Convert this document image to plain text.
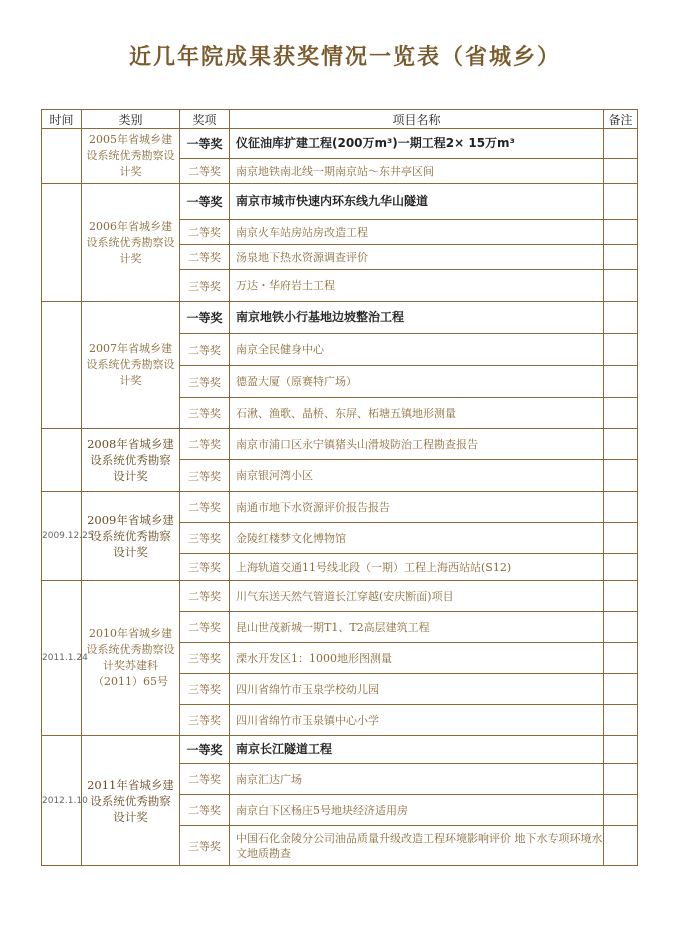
近几年院成果获奖情况一览表（省城乡）
时间	类别	奖项	项目名称	备注
	2005年省城乡建设系统优秀勘察设计奖	一等奖	仪征油库扩建工程(200万m³)一期工程2× 15万m³	
		二等奖	南京地铁南北线一期南京站～东井亭区间	
	2006年省城乡建设系统优秀勘察设计奖	一等奖	南京市城市快速内环东线九华山隧道	
		二等奖	南京火车站房站房改造工程	
		二等奖	汤泉地下热水资源调查评价	
		三等奖	万达・华府岩土工程	
	2007年省城乡建设系统优秀勘察设计奖	一等奖	南京地铁小行基地边坡整治工程	
		二等奖	南京全民健身中心	
		三等奖	德盈大厦（原赛特广场）	
		三等奖	石湫、渔歌、晶桥、东屏、柘塘五镇地形测量	
	2008年省城乡建设系统优秀勘察设计奖	二等奖	南京市浦口区永宁镇猪头山滑坡防治工程勘查报告	
		三等奖	南京银河湾小区	
2009.12.25	2009年省城乡建设系统优秀勘察设计奖	二等奖	南通市地下水资源评价报告报告	
		三等奖	金陵红楼梦文化博物馆	
		三等奖	上海轨道交通11号线北段（一期）工程上海西站站(S12)	
2011.1.24	2010年省城乡建设系统优秀勘察设计奖苏建科（2011）65号	二等奖	川气东送天然气管道长江穿越(安庆断面)项目	
		二等奖	昆山世茂新城一期T1、T2高层建筑工程	
		三等奖	溧水开发区1：1000地形图测量	
		三等奖	四川省绵竹市玉泉学校幼儿园	
		三等奖	四川省绵竹市玉泉镇中心小学	
2012.1.10	2011年省城乡建设系统优秀勘察设计奖	一等奖	南京长江隧道工程	
		二等奖	南京汇达广场	
		二等奖	南京白下区杨庄5号地块经济适用房	
		三等奖	中国石化金陵分公司油品质量升级改造工程环境影响评价 地下水专项环境水文地质勘查	
